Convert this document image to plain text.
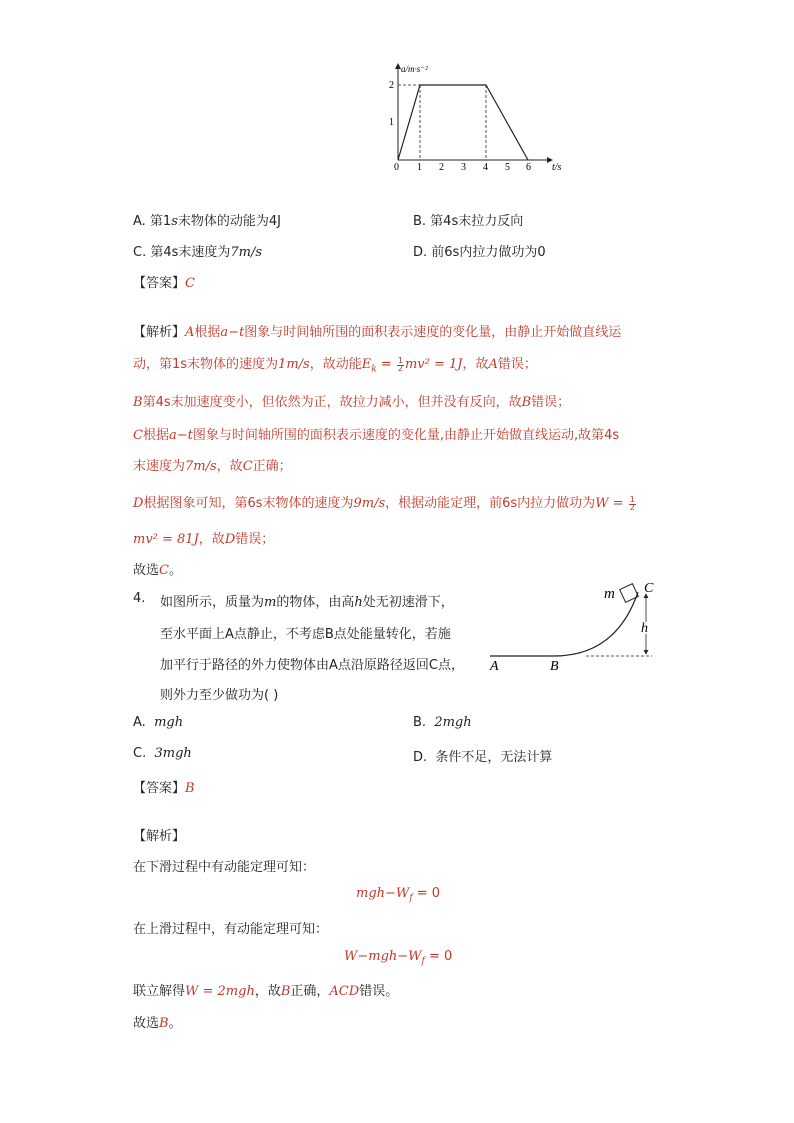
a/m·s⁻²
2
1
0 1 2 3 4 5 6 t/s
A. 第1s末物体的动能为4J	B. 第4s末拉力反向
C. 第4s末速度为7m/s	D. 前6s内拉力做功为0
【答案】C
【解析】A根据a−t图象与时间轴所围的面积表示速度的变化量，由静止开始做直线运
动，第1s末物体的速度为1m/s，故动能$E_k = \frac{1}{2}mv^2 = 1J$，故A错误；
B第4s末加速度变小，但依然为正，故拉力减小，但并没有反向，故B错误；
C根据a−t图象与时间轴所围的面积表示速度的变化量,由静止开始做直线运动,故第4s
末速度为7m/s，故C正确；
D根据图象可知，第6s末物体的速度为9m/s，根据动能定理，前6s内拉力做功为$W = \frac{1}{2}$
mv² = 81J，故D错误；
故选C。
4. 如图所示，质量为m的物体，由高h处无初速滑下，
至水平面上A点静止，不考虑B点处能量转化，若施
加平行于路径的外力使物体由A点沿原路径返回C点，
则外力至少做功为( )
m C
h
A	B
A. mgh	B. 2mgh
C. 3mgh	D. 条件不足，无法计算
【答案】B
【解析】
在下滑过程中有动能定理可知：
$mgh-W_f = 0$
在上滑过程中，有动能定理可知：
$W-mgh-W_f = 0$
联立解得W = 2mgh，故B正确，ACD错误。
故选B。
